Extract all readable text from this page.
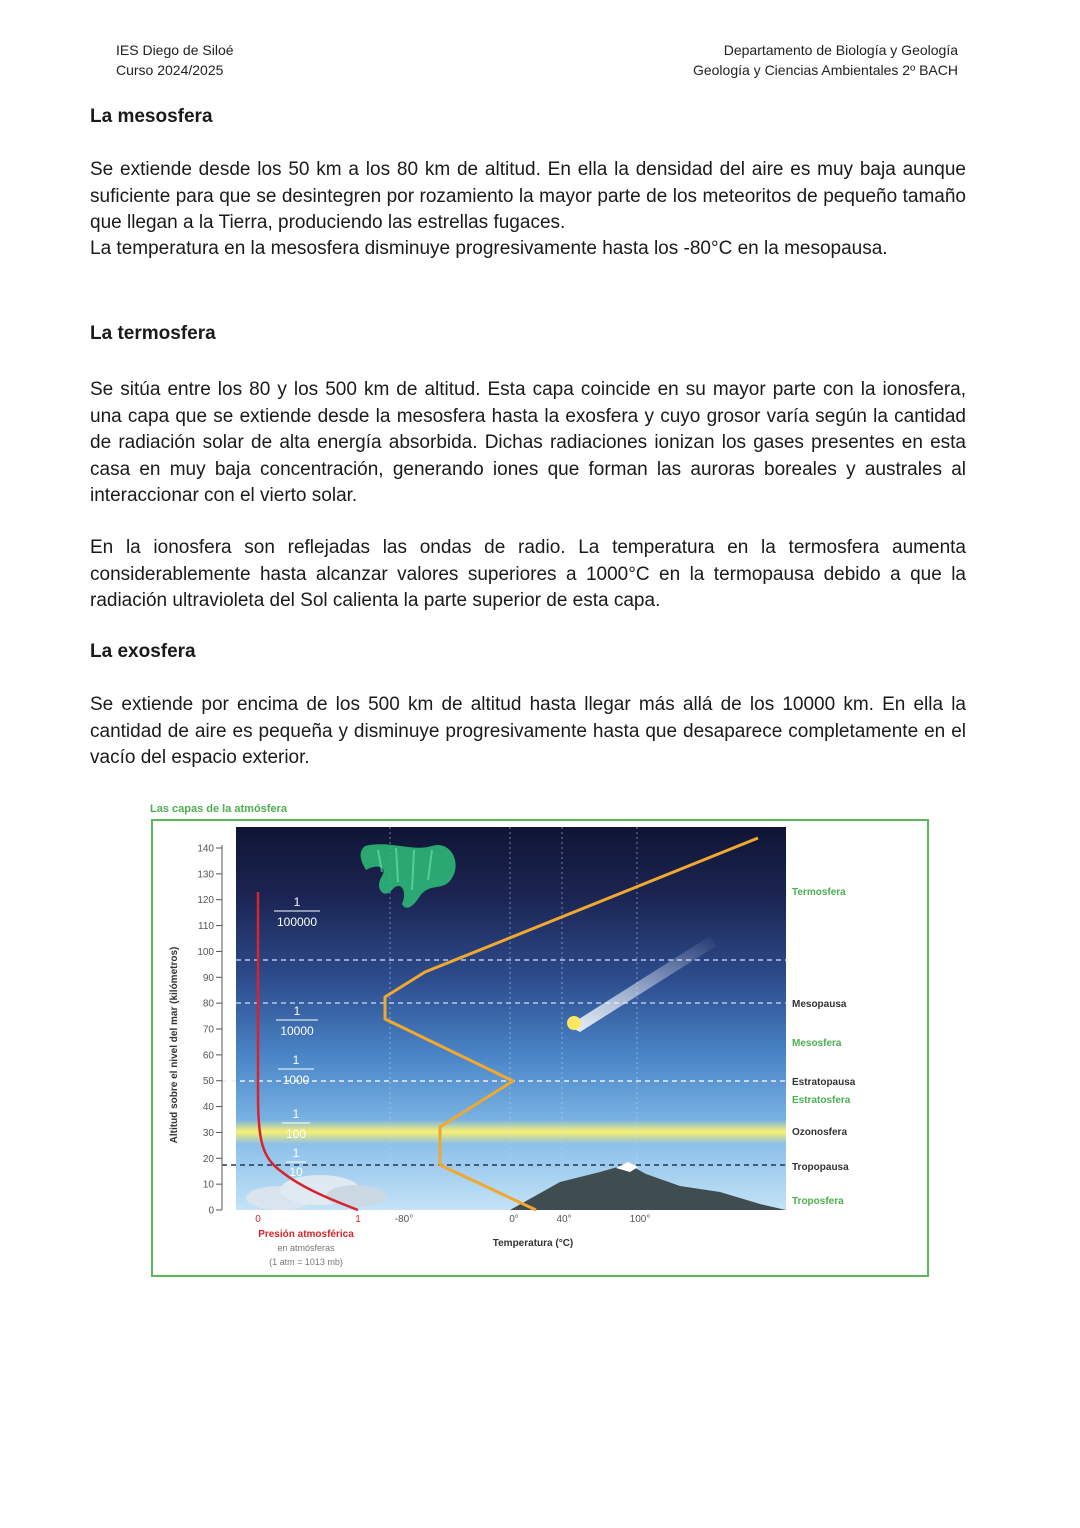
IES Diego de Siloé
Curso 2024/2025
Departamento de Biología y Geología
Geología y Ciencias Ambientales 2º BACH
La mesosfera
Se extiende desde los 50 km a los 80 km de altitud. En ella la densidad del aire es muy baja aunque suficiente para que se desintegren por rozamiento la mayor parte de los meteoritos de pequeño tamaño que llegan a la Tierra, produciendo las estrellas fugaces.
La temperatura en la mesosfera disminuye progresivamente hasta los -80°C en la mesopausa.
La termosfera
Se sitúa entre los 80 y los 500 km de altitud. Esta capa coincide en su mayor parte con la ionosfera, una capa que se extiende desde la mesosfera hasta la exosfera y cuyo grosor varía según la cantidad de radiación solar de alta energía absorbida. Dichas radiaciones ionizan los gases presentes en esta casa en muy baja concentración, generando iones que forman las auroras boreales y australes al interaccionar con el vierto solar.
En la ionosfera son reflejadas las ondas de radio. La temperatura en la termosfera aumenta considerablemente hasta alcanzar valores superiores a 1000°C en la termopausa debido a que la radiación ultravioleta del Sol calienta la parte superior de esta capa.
La exosfera
Se extiende por encima de los 500 km de altitud hasta llegar más allá de los 10000 km. En ella la cantidad de aire es pequeña y disminuye progresivamente hasta que desaparece completamente en el vacío del espacio exterior.
Las capas de la atmósfera
140
130
120
110
100
90
80
70
60
50
40
30
20
10
0
Altitud sobre el nivel del mar (kilómetros)
1
100000
1
10000
1
1000
1
100
1
10
0	1
Presión atmosférica
en atmósferas
(1 atm = 1013 mb)
-80°	0°	40°	100°
Temperatura (°C)
Termosfera
Mesopausa
Mesosfera
Estratopausa
Estratosfera
Ozonosfera
Tropopausa
Troposfera
